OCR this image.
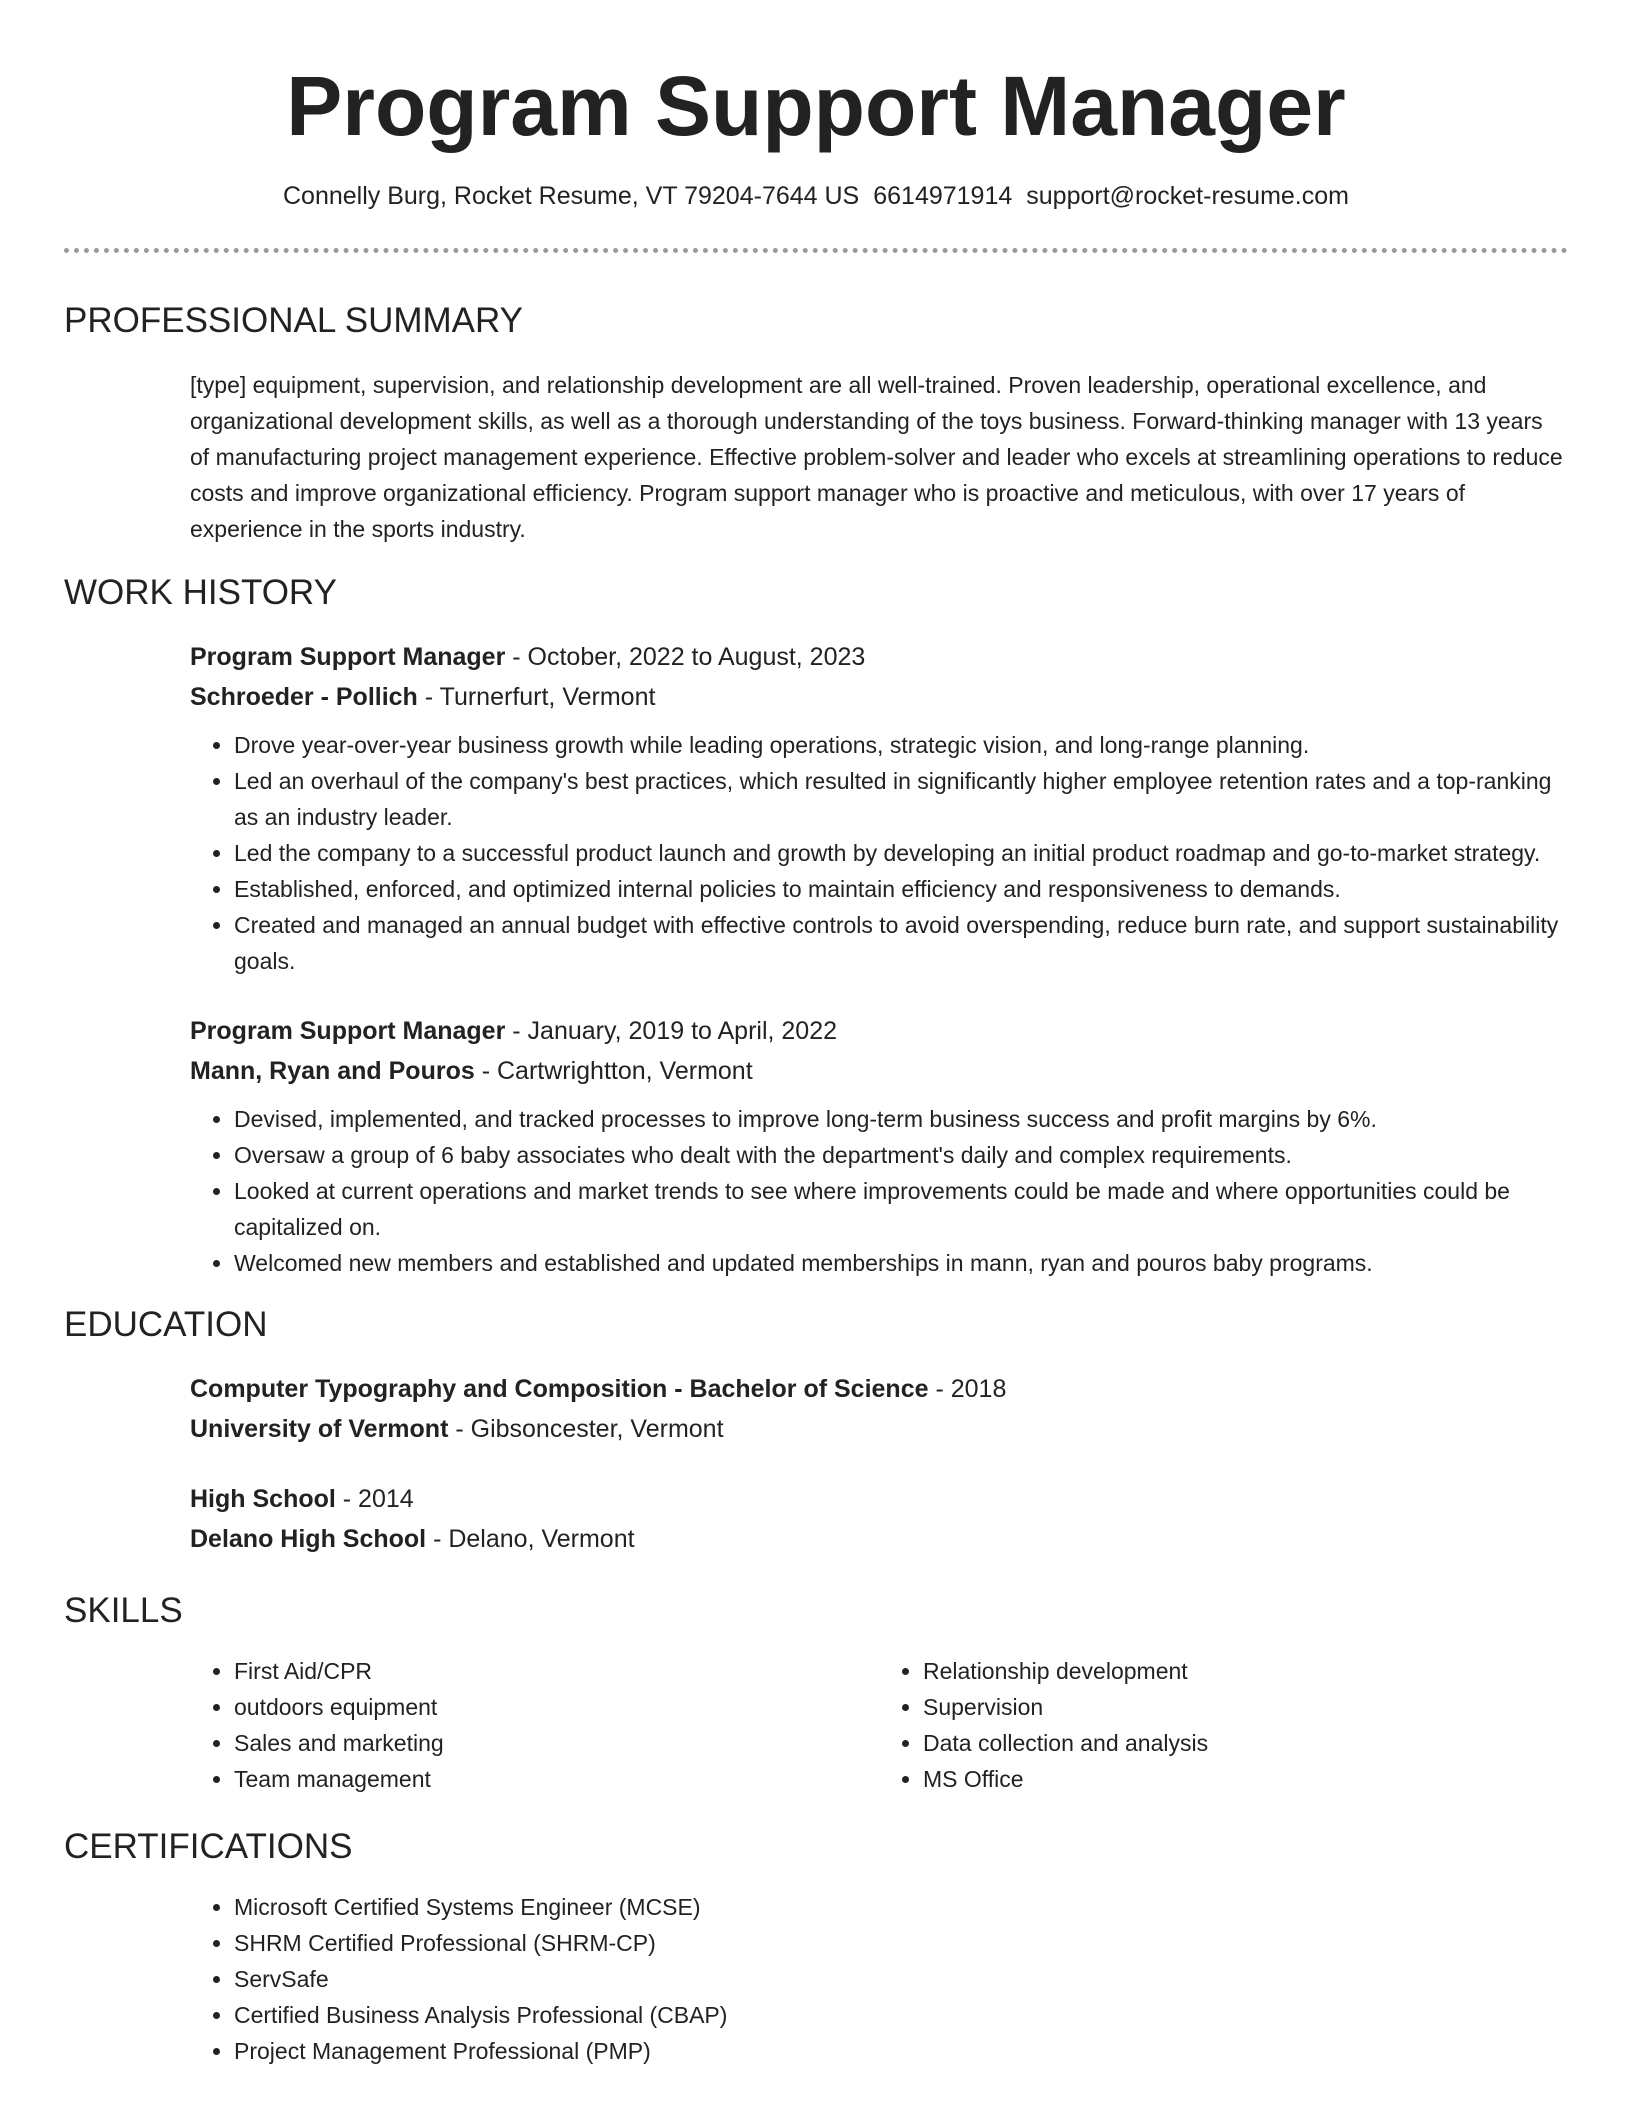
Program Support Manager
Connelly Burg, Rocket Resume, VT 79204-7644 US 6614971914 support@rocket-resume.com
PROFESSIONAL SUMMARY

[type] equipment, supervision, and relationship development are all well-trained. Proven leadership, operational excellence, and organizational development skills, as well as a thorough understanding of the toys business. Forward-thinking manager with 13 years of manufacturing project management experience. Effective problem-solver and leader who excels at streamlining operations to reduce costs and improve organizational efficiency. Program support manager who is proactive and meticulous, with over 17 years of experience in the sports industry.

WORK HISTORY
Program Support Manager - October, 2022 to August, 2023
Schroeder - Pollich - Turnerfurt, Vermont
• Drove year-over-year business growth while leading operations, strategic vision, and long-range planning.
• Led an overhaul of the company's best practices, which resulted in significantly higher employee retention rates and a top-ranking as an industry leader.
• Led the company to a successful product launch and growth by developing an initial product roadmap and go-to-market strategy.
• Established, enforced, and optimized internal policies to maintain efficiency and responsiveness to demands.
• Created and managed an annual budget with effective controls to avoid overspending, reduce burn rate, and support sustainability goals.
Program Support Manager - January, 2019 to April, 2022
Mann, Ryan and Pouros - Cartwrightton, Vermont
• Devised, implemented, and tracked processes to improve long-term business success and profit margins by 6%.
• Oversaw a group of 6 baby associates who dealt with the department's daily and complex requirements.
• Looked at current operations and market trends to see where improvements could be made and where opportunities could be capitalized on.
• Welcomed new members and established and updated memberships in mann, ryan and pouros baby programs.
EDUCATION
Computer Typography and Composition - Bachelor of Science - 2018
University of Vermont - Gibsoncester, Vermont
High School - 2014
Delano High School - Delano, Vermont
SKILLS
• First Aid/CPR
• outdoors equipment
• Sales and marketing
• Team management
• Relationship development
• Supervision
• Data collection and analysis
• MS Office
CERTIFICATIONS
• Microsoft Certified Systems Engineer (MCSE)
• SHRM Certified Professional (SHRM-CP)
• ServSafe
• Certified Business Analysis Professional (CBAP)
• Project Management Professional (PMP)
